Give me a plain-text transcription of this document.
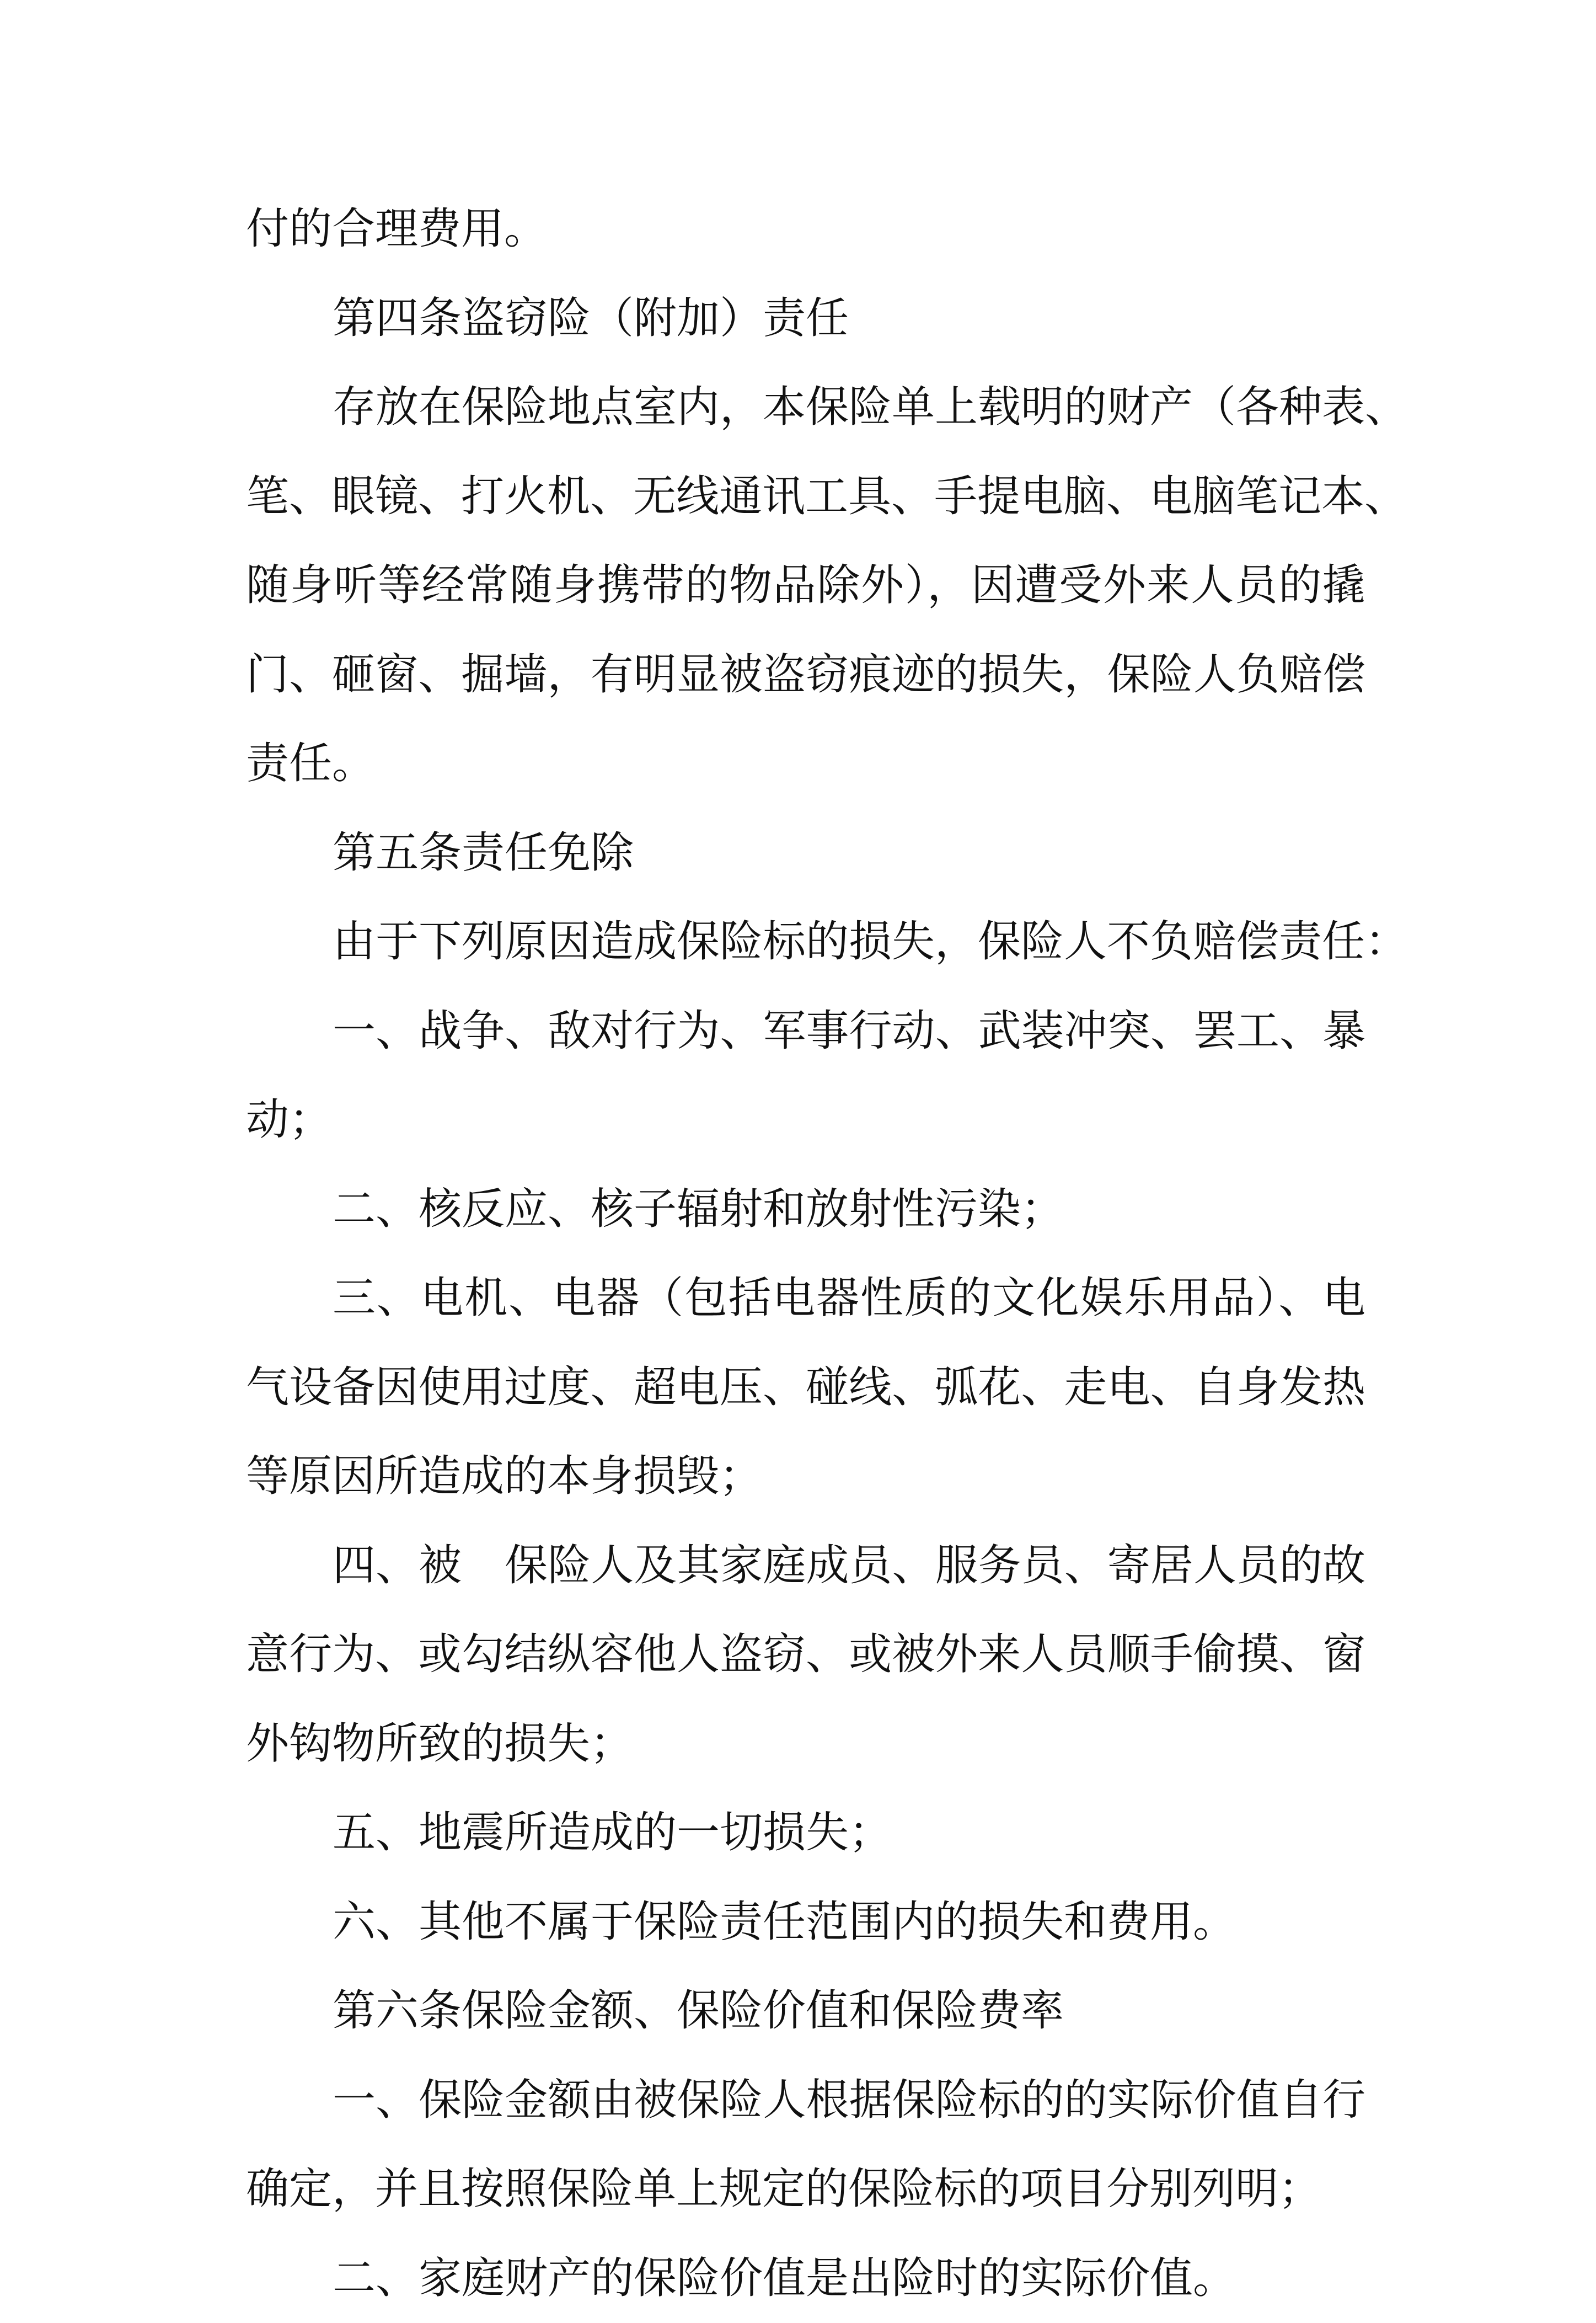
付的合理费用。
第四条盗窃险（附加）责任
存放在保险地点室内，本保险单上载明的财产（各种表、
笔、眼镜、打火机、无线通讯工具、手提电脑、电脑笔记本、
随身听等经常随身携带的物品除外），因遭受外来人员的撬
门、砸窗、掘墙，有明显被盗窃痕迹的损失，保险人负赔偿
责任。
第五条责任免除
由于下列原因造成保险标的损失，保险人不负赔偿责任：
一、战争、敌对行为、军事行动、武装冲突、罢工、暴
动；
二、核反应、核子辐射和放射性污染；
三、电机、电器（包括电器性质的文化娱乐用品）、电
气设备因使用过度、超电压、碰线、弧花、走电、自身发热
等原因所造成的本身损毁；
四、被　保险人及其家庭成员、服务员、寄居人员的故
意行为、或勾结纵容他人盗窃、或被外来人员顺手偷摸、窗
外钩物所致的损失；
五、地震所造成的一切损失；
六、其他不属于保险责任范围内的损失和费用。
第六条保险金额、保险价值和保险费率
一、保险金额由被保险人根据保险标的的实际价值自行
确定，并且按照保险单上规定的保险标的项目分别列明；
二、家庭财产的保险价值是出险时的实际价值。
